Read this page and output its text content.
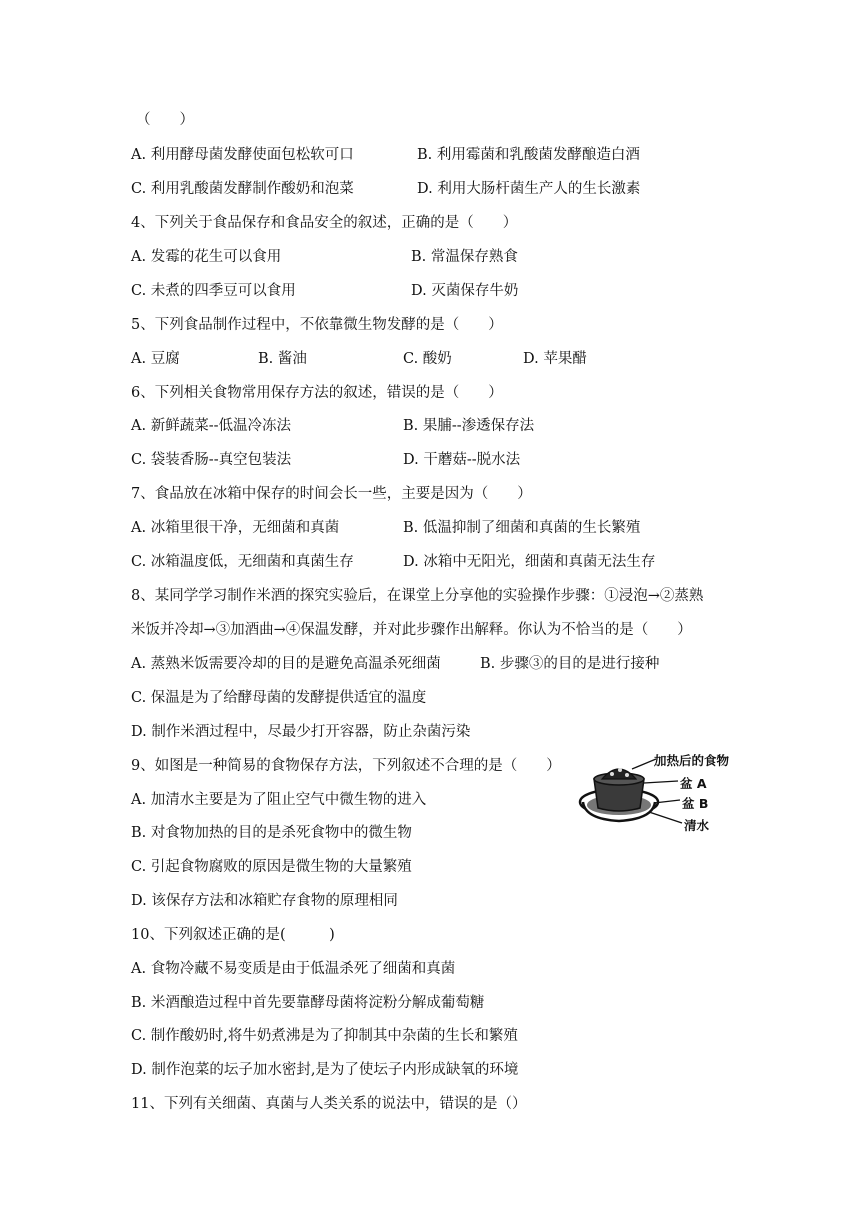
（　　）
A. 利用酵母菌发酵使面包松软可口	B. 利用霉菌和乳酸菌发酵酿造白酒
C. 利用乳酸菌发酵制作酸奶和泡菜	D. 利用大肠杆菌生产人的生长激素
4、下列关于食品保存和食品安全的叙述，正确的是（　　）
A. 发霉的花生可以食用	B. 常温保存熟食
C. 未煮的四季豆可以食用	D. 灭菌保存牛奶
5、下列食品制作过程中，不依靠微生物发酵的是（　　）
A. 豆腐	B. 酱油	C. 酸奶	D. 苹果醋
6、下列相关食物常用保存方法的叙述，错误的是（　　）
A. 新鲜蔬菜--低温冷冻法	B. 果脯--渗透保存法
C. 袋装香肠--真空包装法	D. 干蘑菇--脱水法
7、食品放在冰箱中保存的时间会长一些，主要是因为（　　）
A. 冰箱里很干净，无细菌和真菌	B. 低温抑制了细菌和真菌的生长繁殖
C. 冰箱温度低，无细菌和真菌生存	D. 冰箱中无阳光，细菌和真菌无法生存
8、某同学学习制作米酒的探究实验后，在课堂上分享他的实验操作步骤：①浸泡→②蒸熟
米饭并冷却→③加酒曲→④保温发酵，并对此步骤作出解释。你认为不恰当的是（　　）
A. 蒸熟米饭需要冷却的目的是避免高温杀死细菌	B. 步骤③的目的是进行接种
C. 保温是为了给酵母菌的发酵提供适宜的温度
D. 制作米酒过程中，尽最少打开容器，防止杂菌污染
9、如图是一种简易的食物保存方法，下列叙述不合理的是（　　）
A. 加清水主要是为了阻止空气中微生物的进入
B. 对食物加热的目的是杀死食物中的微生物
C. 引起食物腐败的原因是微生物的大量繁殖
D. 该保存方法和冰箱贮存食物的原理相同
加热后的食物
盆 A
盆 B
清水
10、下列叙述正确的是(　　　)
A. 食物冷藏不易变质是由于低温杀死了细菌和真菌
B. 米酒酿造过程中首先要靠酵母菌将淀粉分解成葡萄糖
C. 制作酸奶时,将牛奶煮沸是为了抑制其中杂菌的生长和繁殖
D. 制作泡菜的坛子加水密封,是为了使坛子内形成缺氧的环境
11、下列有关细菌、真菌与人类关系的说法中，错误的是（）
